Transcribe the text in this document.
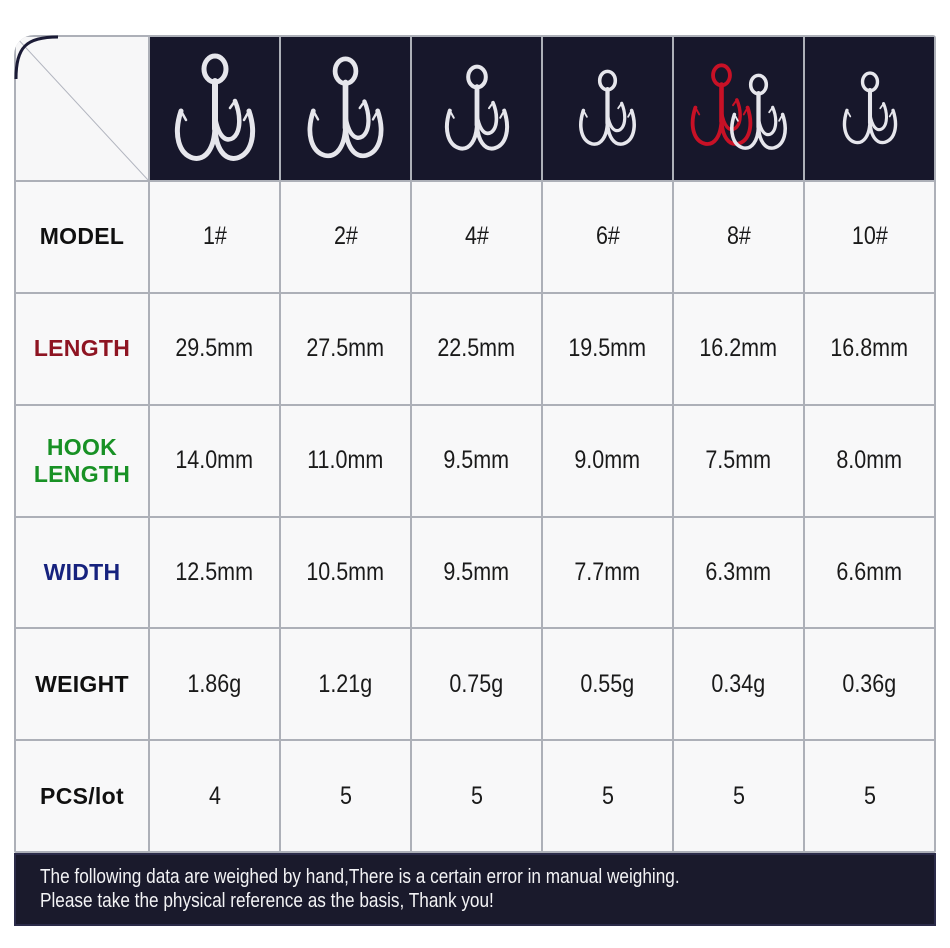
MODEL	1#	2#	4#	6#	8#	10#
LENGTH 29.5mm 27.5mm 22.5mm 19.5mm 16.2mm 16.8mm
HOOK LENGTH 14.0mm 11.0mm 9.5mm	9.0mm	7.5mm	8.0mm
WIDTH 12.5mm 10.5mm 9.5mm	7.7mm	6.3mm	6.6mm
WEIGHT 1.86g	1.21g	0.75g	0.55g	0.34g	0.36g
PCS/lot	4	5	5	5	5	5
The following data are weighed by hand,There is a certain error in manual weighing.
Please take the physical reference as the basis, Thank you!
